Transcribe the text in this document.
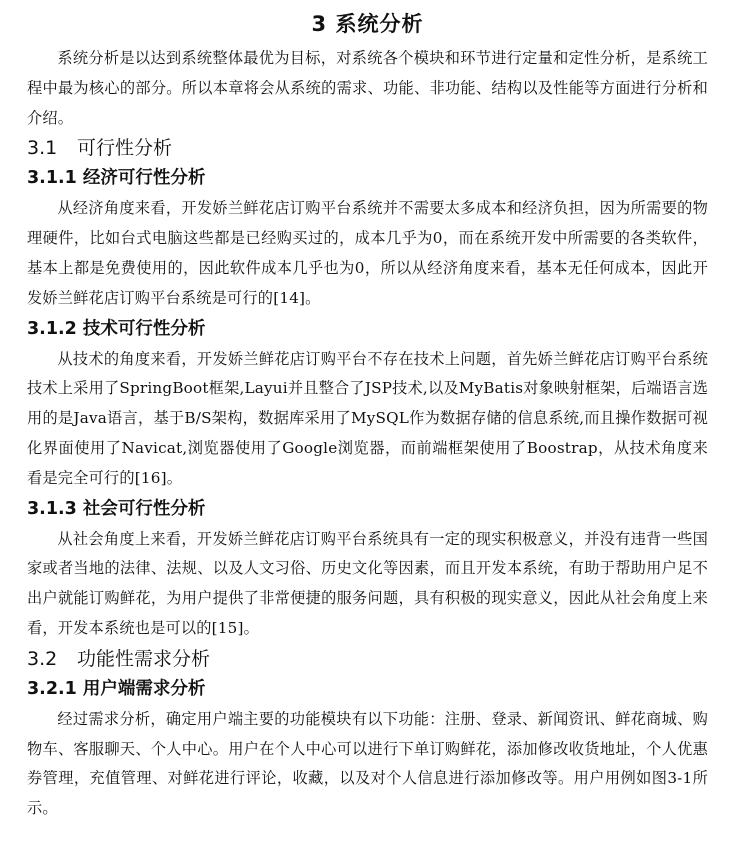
3 系统分析

系统分析是以达到系统整体最优为目标，对系统各个模块和环节进行定量和定性分析，是系统工程中最为核心的部分。所以本章将会从系统的需求、功能、非功能、结构以及性能等方面进行分析和介绍。

3.1 可行性分析
3.1.1 经济可行性分析

从经济角度来看，开发娇兰鲜花店订购平台系统并不需要太多成本和经济负担，因为所需要的物理硬件，比如台式电脑这些都是已经购买过的，成本几乎为0，而在系统开发中所需要的各类软件，基本上都是免费使用的，因此软件成本几乎也为0，所以从经济角度来看，基本无任何成本，因此开发娇兰鲜花店订购平台系统是可行的[14]。

3.1.2 技术可行性分析

从技术的角度来看，开发娇兰鲜花店订购平台不存在技术上问题，首先娇兰鲜花店订购平台系统技术上采用了SpringBoot框架,Layui并且整合了JSP技术,以及MyBatis对象映射框架，后端语言选用的是Java语言，基于B/S架构，数据库采用了MySQL作为数据存储的信息系统,而且操作数据可视化界面使用了Navicat,浏览器使用了Google浏览器，而前端框架使用了Boostrap，从技术角度来看是完全可行的[16]。

3.1.3 社会可行性分析

从社会角度上来看，开发娇兰鲜花店订购平台系统具有一定的现实积极意义，并没有违背一些国家或者当地的法律、法规、以及人文习俗、历史文化等因素，而且开发本系统，有助于帮助用户足不出户就能订购鲜花，为用户提供了非常便捷的服务问题，具有积极的现实意义，因此从社会角度上来看，开发本系统也是可以的[15]。

3.2 功能性需求分析
3.2.1 用户端需求分析

经过需求分析，确定用户端主要的功能模块有以下功能：注册、登录、新闻资讯、鲜花商城、购物车、客服聊天、个人中心。用户在个人中心可以进行下单订购鲜花，添加修改收货地址，个人优惠券管理，充值管理、对鲜花进行评论，收藏，以及对个人信息进行添加修改等。用户用例如图3-1所示。
